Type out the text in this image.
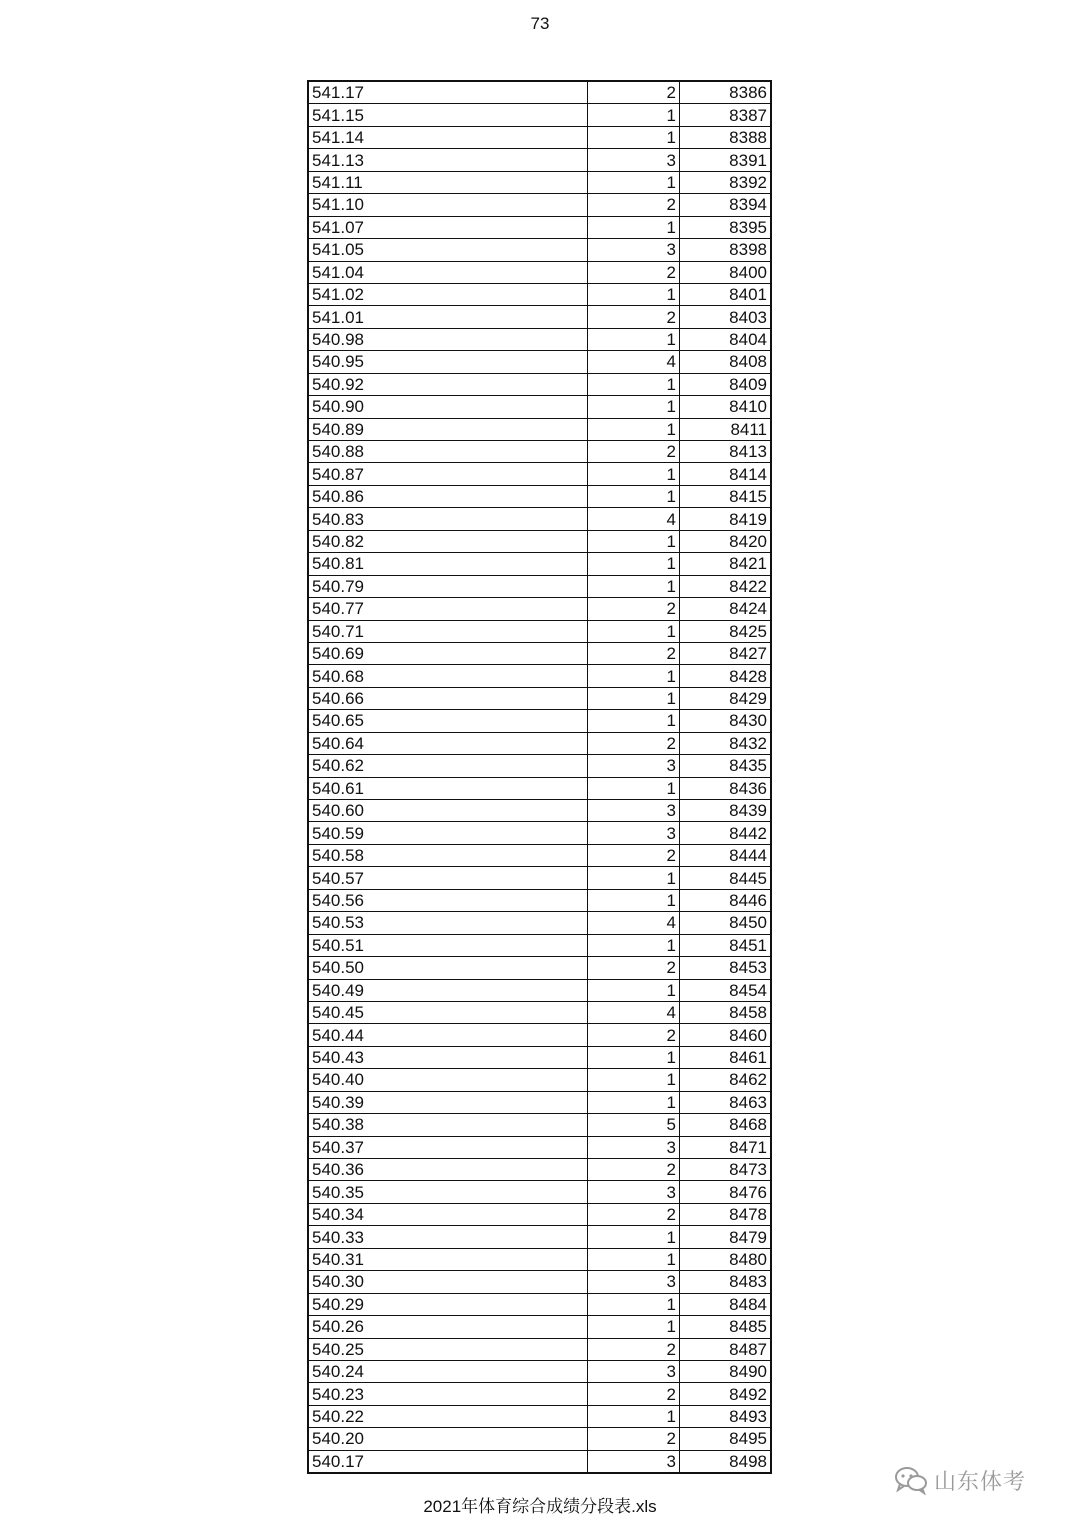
73
541.17	2	8386
541.15	1	8387
541.14	1	8388
541.13	3	8391
541.11	1	8392
541.10	2	8394
541.07	1	8395
541.05	3	8398
541.04	2	8400
541.02	1	8401
541.01	2	8403
540.98	1	8404
540.95	4	8408
540.92	1	8409
540.90	1	8410
540.89	1	8411
540.88	2	8413
540.87	1	8414
540.86	1	8415
540.83	4	8419
540.82	1	8420
540.81	1	8421
540.79	1	8422
540.77	2	8424
540.71	1	8425
540.69	2	8427
540.68	1	8428
540.66	1	8429
540.65	1	8430
540.64	2	8432
540.62	3	8435
540.61	1	8436
540.60	3	8439
540.59	3	8442
540.58	2	8444
540.57	1	8445
540.56	1	8446
540.53	4	8450
540.51	1	8451
540.50	2	8453
540.49	1	8454
540.45	4	8458
540.44	2	8460
540.43	1	8461
540.40	1	8462
540.39	1	8463
540.38	5	8468
540.37	3	8471
540.36	2	8473
540.35	3	8476
540.34	2	8478
540.33	1	8479
540.31	1	8480
540.30	3	8483
540.29	1	8484
540.26	1	8485
540.25	2	8487
540.24	3	8490
540.23	2	8492
540.22	1	8493
540.20	2	8495
540.17	3	8498
2021年体育综合成绩分段表.xls
山东体考
